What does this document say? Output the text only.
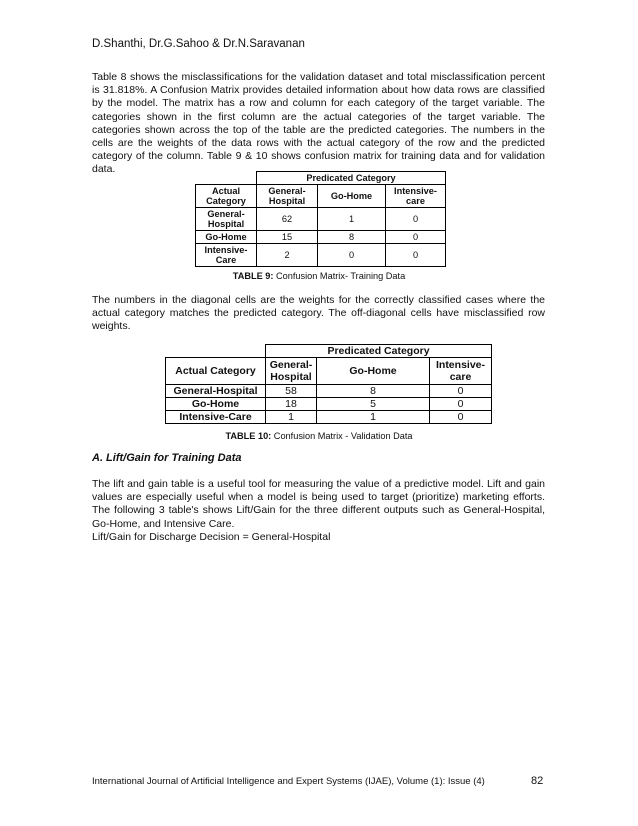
D.Shanthi, Dr.G.Sahoo & Dr.N.Saravanan

Table 8 shows the misclassifications for the validation dataset and total misclassification percent is 31.818%. A Confusion Matrix provides detailed information about how data rows are classified by the model. The matrix has a row and column for each category of the target variable. The categories shown in the first column are the actual categories of the target variable. The categories shown across the top of the table are the predicted categories. The numbers in the cells are the weights of the data rows with the actual category of the row and the predicted category of the column. Table 9 & 10 shows confusion matrix for training data and for validation data.

	Predicated Category		
Actual Category	General-Hospital	Go-Home	Intensive-care
General-Hospital	62	1	0
Go-Home	15	8	0
Intensive-Care	2	0	0
TABLE 9: Confusion Matrix- Training Data

The numbers in the diagonal cells are the weights for the correctly classified cases where the actual category matches the predicted category. The off-diagonal cells have misclassified row weights.

	Predicated Category		
Actual Category	General-Hospital	Go-Home	Intensive-care
General-Hospital	58	8	0
Go-Home	18	5	0
Intensive-Care	1	1	0
TABLE 10: Confusion Matrix - Validation Data
A. Lift/Gain for Training Data

The lift and gain table is a useful tool for measuring the value of a predictive model. Lift and gain values are especially useful when a model is being used to target (prioritize) marketing efforts. The following 3 table's shows Lift/Gain for the three different outputs such as General-Hospital, Go-Home, and Intensive Care.

Lift/Gain for Discharge Decision = General-Hospital

International Journal of Artificial Intelligence and Expert Systems (IJAE), Volume (1): Issue (4)	82
